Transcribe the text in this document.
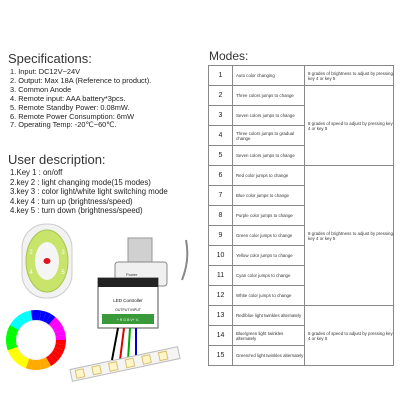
Specifications:
1. Input: DC12V~24V
2. Output: Max 18A (Reference to product).
3. Common Anode
4. Remote input: AAA battery*3pcs.
5. Remote Standby Power: 0.08mW.
6. Remote Power Consumption: 6mW
7. Operating Temp: -20℃~60℃.
User description:
1.Key 1 : on/off
2.key 2 : light changing mode(15 modes)
3.key 3 : color light/white light switching mode
4.key 4 : turn up (brightness/speed)
4.key 5 : turn down (brightness/speed)
Modes:
1	Auto color changing	8 grades of brightness to adjust by pressing key 4 or key 5
2	Three colors jumps to change	8 grades of speed to adjust by pressing key 4 or key 5
3	Seven colors jumps to change	
4	Three colors jumps to gradual change	
5	Seven colors jumps to change	
6	Red color jumps to change	8 grades of brightness to adjust by pressing key 4 or key 5
7	Blue color jumps to change	
8	Purple color jumps to change	
9	Green color jumps to change	
10	Yellow color jumps to change	
11	Cyan color jumps to change	
12	White color jumps to change	
13	Red/blue light twinkles alternately	8 grades of speed to adjust by pressing key 4 or key 5
14	Blue/green light twinkles alternately	
15	Green/red light twinkles alternately	
1
2	3
4	5	Power
LED Controller
OUTPUT INPUT
+ R G B V+ V-
